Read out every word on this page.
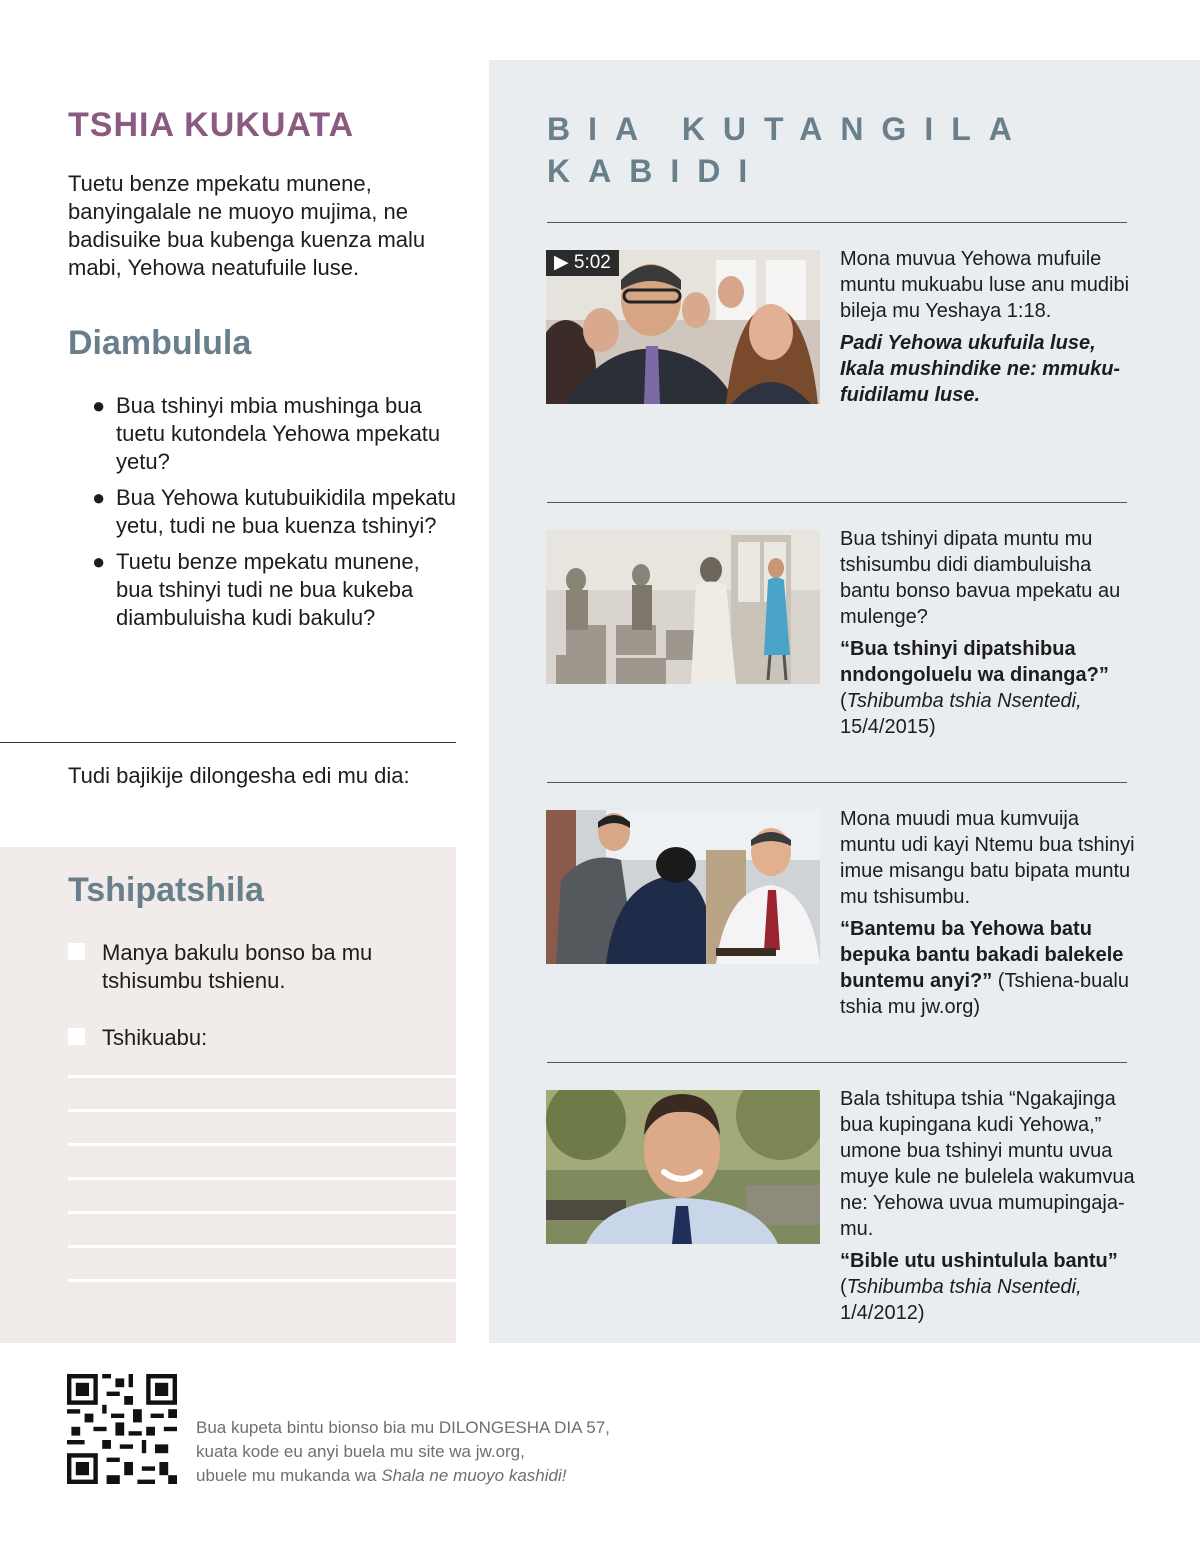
TSHIA KUKUATA

Tuetu benze mpekatu munene, banyingalale ne muoyo mujima, ne badisuike bua kubenga kuenza malu mabi, Yehowa neatufuile luse.

Diambulula
● Bua tshinyi mbia mushinga bua tuetu kutondela Yehowa mpekatu yetu?
● Bua Yehowa kutubuikidila mpekatu yetu, tudi ne bua kuenza tshinyi?
● Tuetu benze mpekatu munene, bua tshinyi tudi ne bua kukeba diambuluisha kudi bakulu?

Tudi bajikije dilongesha edi mu dia:

Tshipatshila
Manya bakulu bonso ba mu tshisumbu tshienu.
Tshikuabu:
BIA KUTANGILA KABIDI
▶ 5:02	Mona muvua Yehowa mufuile muntu mukuabu luse anu mudibi bileja mu Yeshaya 1:18.

Padi Yehowa ukufuila luse, Ikala mushindike ne: mmukufuidilamu luse.

Bua tshinyi dipata muntu mu tshisumbu didi diambuluisha bantu bonso bavua mpekatu au mulenge?

“Bua tshinyi dipatshibua nndongoluelu wa dinanga?”

(Tshibumba tshia Nsentedi,
15/4/2015)

Mona muudi mua kumvuija muntu udi kayi Ntemu bua tshinyi imue misangu batu bipata muntu mu tshisumbu.

“Bantemu ba Yehowa batu bepuka bantu bakadi balekele buntemu anyi?” (Tshiena-bualu tshia mu jw.org)

Bala tshitupa tshia “Ngakajinga bua kupingana kudi Yehowa,” umone bua tshinyi muntu uvua muye kule ne bulelela wakumvua ne: Yehowa uvua mumupingajamu.

“Bible utu ushintulula bantu”

(Tshibumba tshia Nsentedi,
1/4/2012)

Bua kupeta bintu bionso bia mu DILONGESHA DIA 57,
kuata kode eu anyi buela mu site wa jw.org,
ubuele mu mukanda wa Shala ne muoyo kashidi!
